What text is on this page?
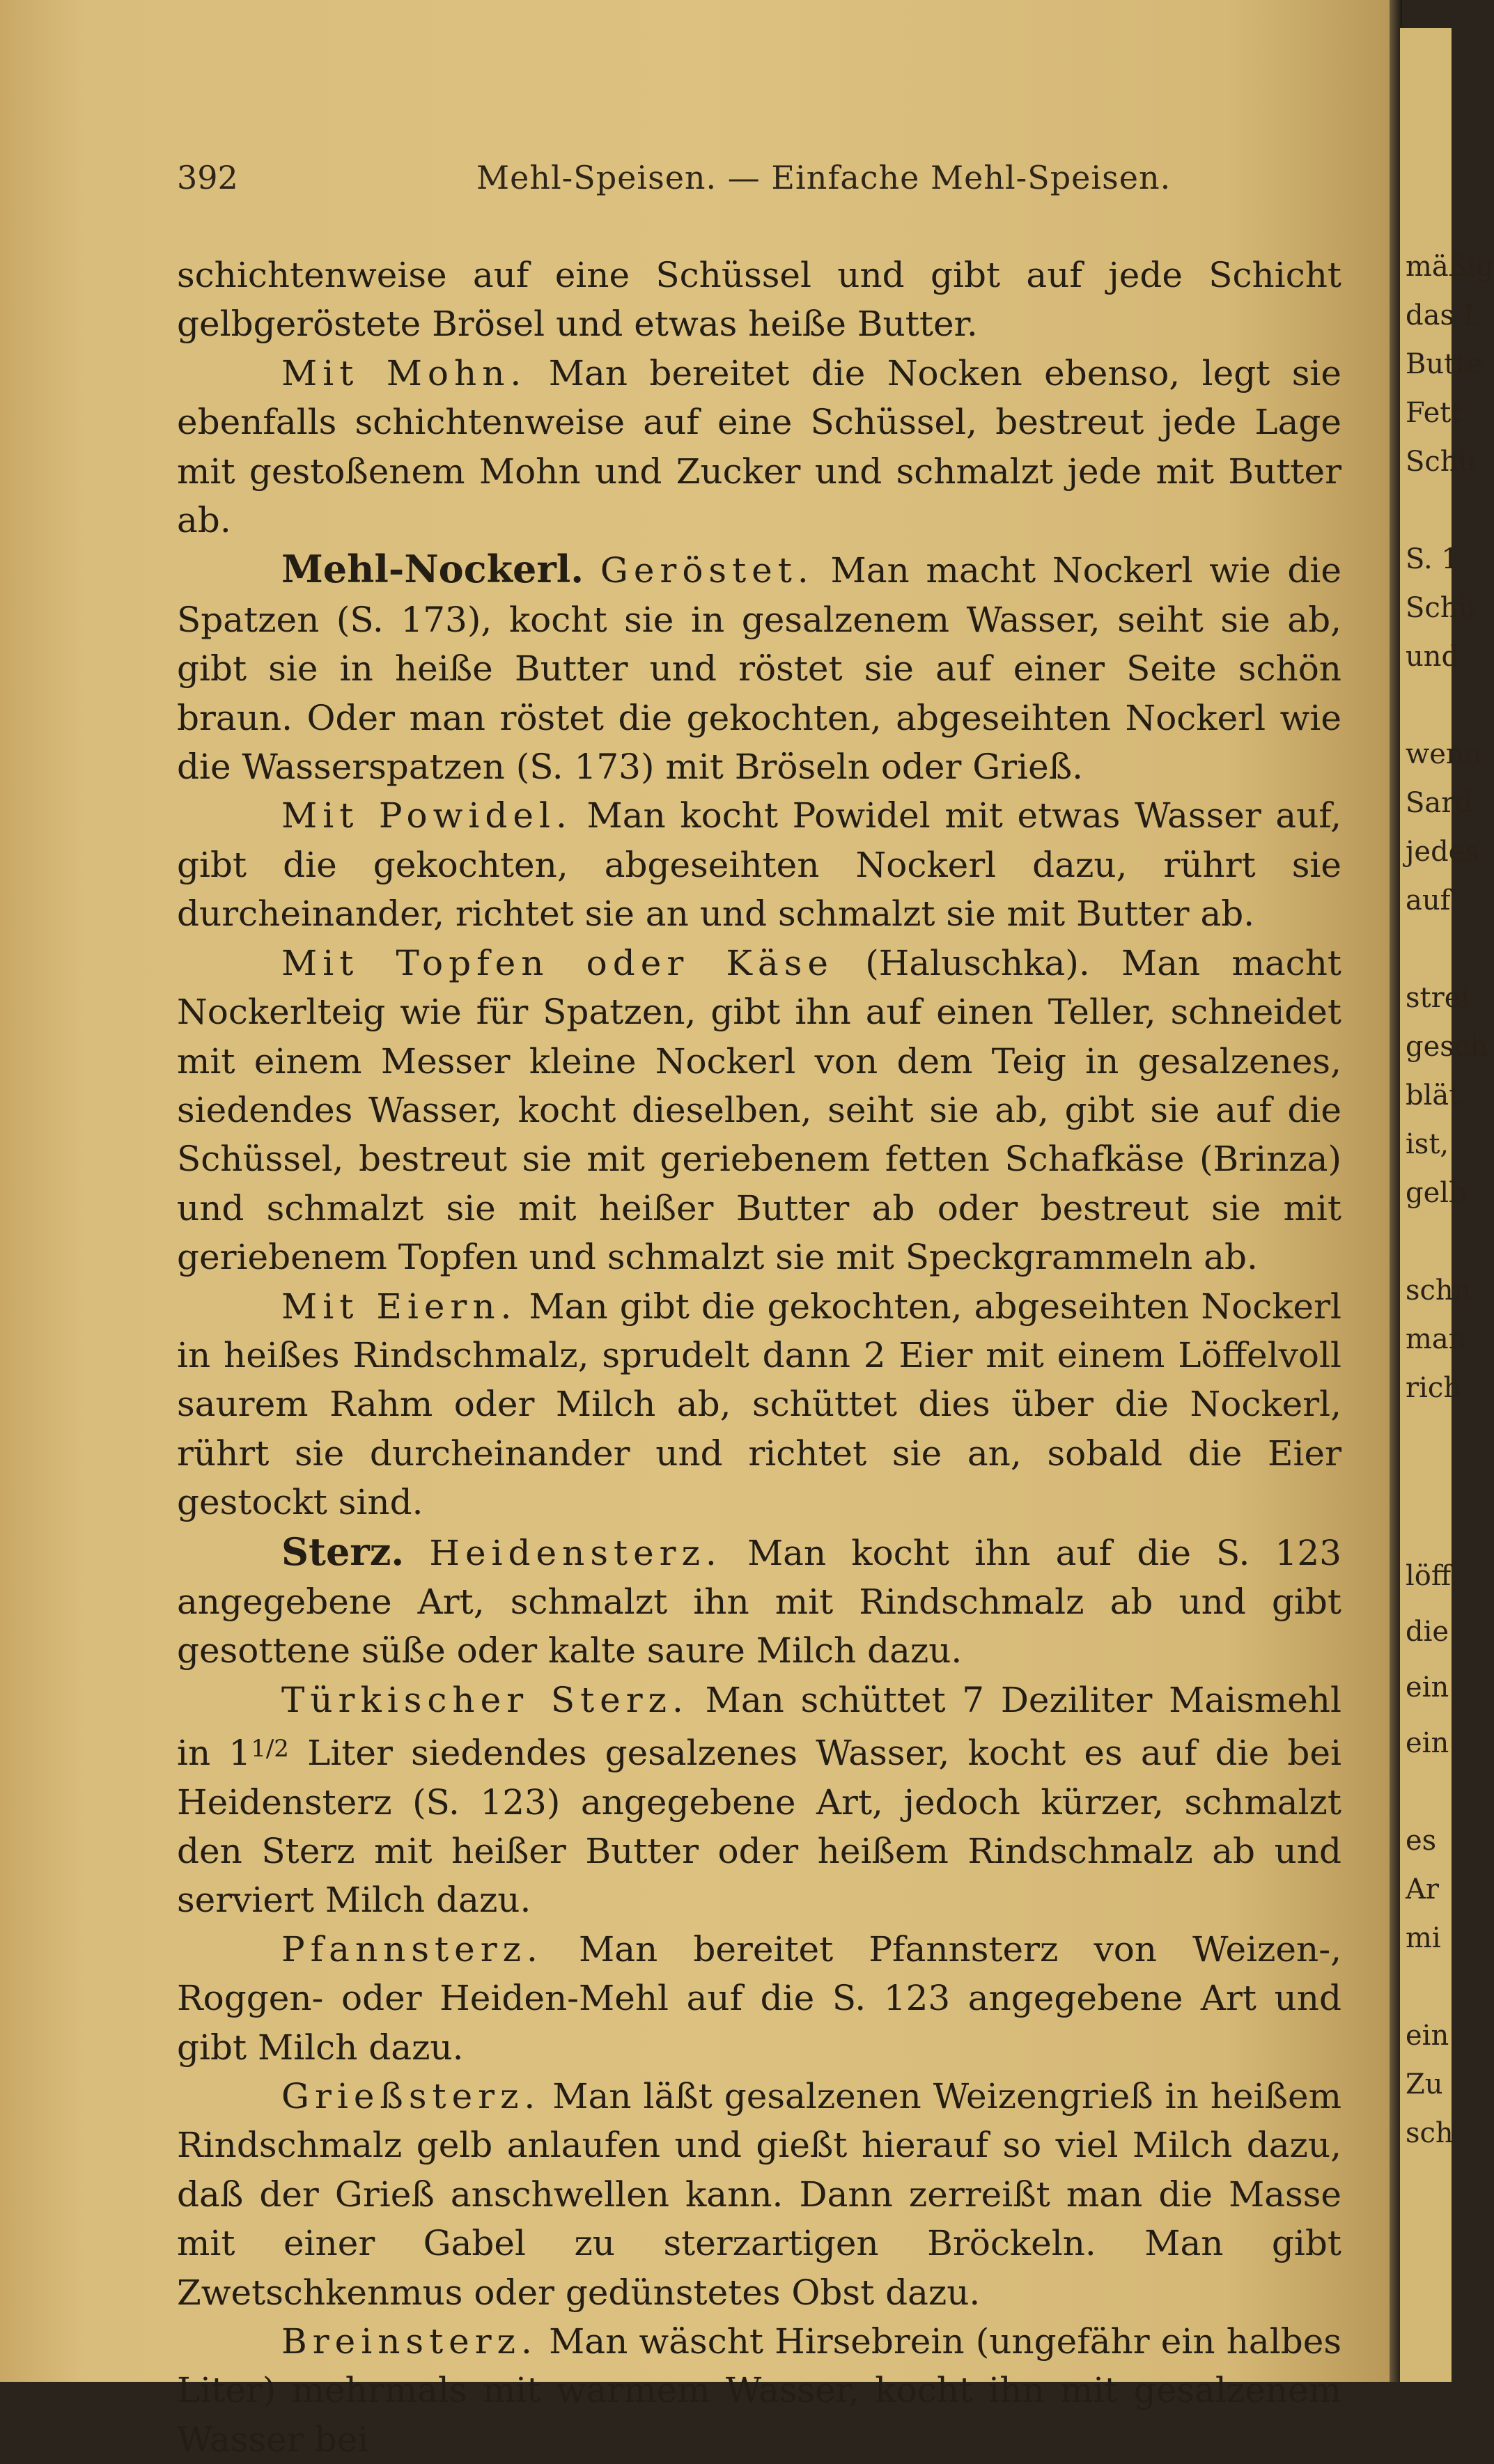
392	Mehl-Speisen. — Einfache Mehl-Speisen.

schichtenweise auf eine Schüssel und gibt auf jede Schicht gelbgeröstete Brösel und etwas heiße Butter.

Mit Mohn. Man bereitet die Nocken ebenso, legt sie ebenfalls schichtenweise auf eine Schüssel, bestreut jede Lage mit gestoßenem Mohn und Zucker und schmalzt jede mit Butter ab.

Mehl-Nockerl. Geröstet. Man macht Nockerl wie die Spatzen (S. 173), kocht sie in gesalzenem Wasser, seiht sie ab, gibt sie in heiße Butter und röstet sie auf einer Seite schön braun. Oder man röstet die gekochten, abgeseihten Nockerl wie die Wasserspatzen (S. 173) mit Bröseln oder Grieß.

Mit Powidel. Man kocht Powidel mit etwas Wasser auf, gibt die gekochten, abgeseihten Nockerl dazu, rührt sie durcheinander, richtet sie an und schmalzt sie mit Butter ab.

Mit Topfen oder Käse (Haluschka). Man macht Nockerlteig wie für Spatzen, gibt ihn auf einen Teller, schneidet mit einem Messer kleine Nockerl von dem Teig in gesalzenes, siedendes Wasser, kocht dieselben, seiht sie ab, gibt sie auf die Schüssel, bestreut sie mit geriebenem fetten Schafkäse (Brinza) und schmalzt sie mit heißer Butter ab oder bestreut sie mit geriebenem Topfen und schmalzt sie mit Speckgrammeln ab.

Mit Eiern. Man gibt die gekochten, abgeseihten Nockerl in heißes Rindschmalz, sprudelt dann 2 Eier mit einem Löffelvoll saurem Rahm oder Milch ab, schüttet dies über die Nockerl, rührt sie durcheinander und richtet sie an, sobald die Eier gestockt sind.

Sterz. Heidensterz. Man kocht ihn auf die S. 123 angegebene Art, schmalzt ihn mit Rindschmalz ab und gibt gesottene süße oder kalte saure Milch dazu.

Türkischer Sterz. Man schüttet 7 Deziliter Maismehl in $1^{1/2}$ Liter siedendes gesalzenes Wasser, kocht es auf die bei Heidensterz (S. 123) angegebene Art, jedoch kürzer, schmalzt den Sterz mit heißer Butter oder heißem Rindschmalz ab und serviert Milch dazu.

Pfannsterz. Man bereitet Pfannsterz von Weizen-, Roggen- oder Heiden-Mehl auf die S. 123 angegebene Art und gibt Milch dazu.

Grießsterz. Man läßt gesalzenen Weizengrieß in heißem Rindschmalz gelb anlaufen und gießt hierauf so viel Milch dazu, daß der Grieß anschwellen kann. Dann zerreißt man die Masse mit einer Gabel zu sterzartigen Bröckeln. Man gibt Zwetschkenmus oder gedünstetes Obst dazu.

Breinsterz. Man wäscht Hirsebrein (ungefähr ein halbes Liter) mehrmals mit warmem Wasser, kocht ihn mit gesalzenem Wasser bei

mäßig
das L
Butte
Fett
Schü
S. 1
Schü
und
wenn
Sard
jedes
auf
strei
gesch
blät
ist,
gelb
schn
man
rich
löff
die
ein
ein
es
Ar
mi
ein
Zu
sch
